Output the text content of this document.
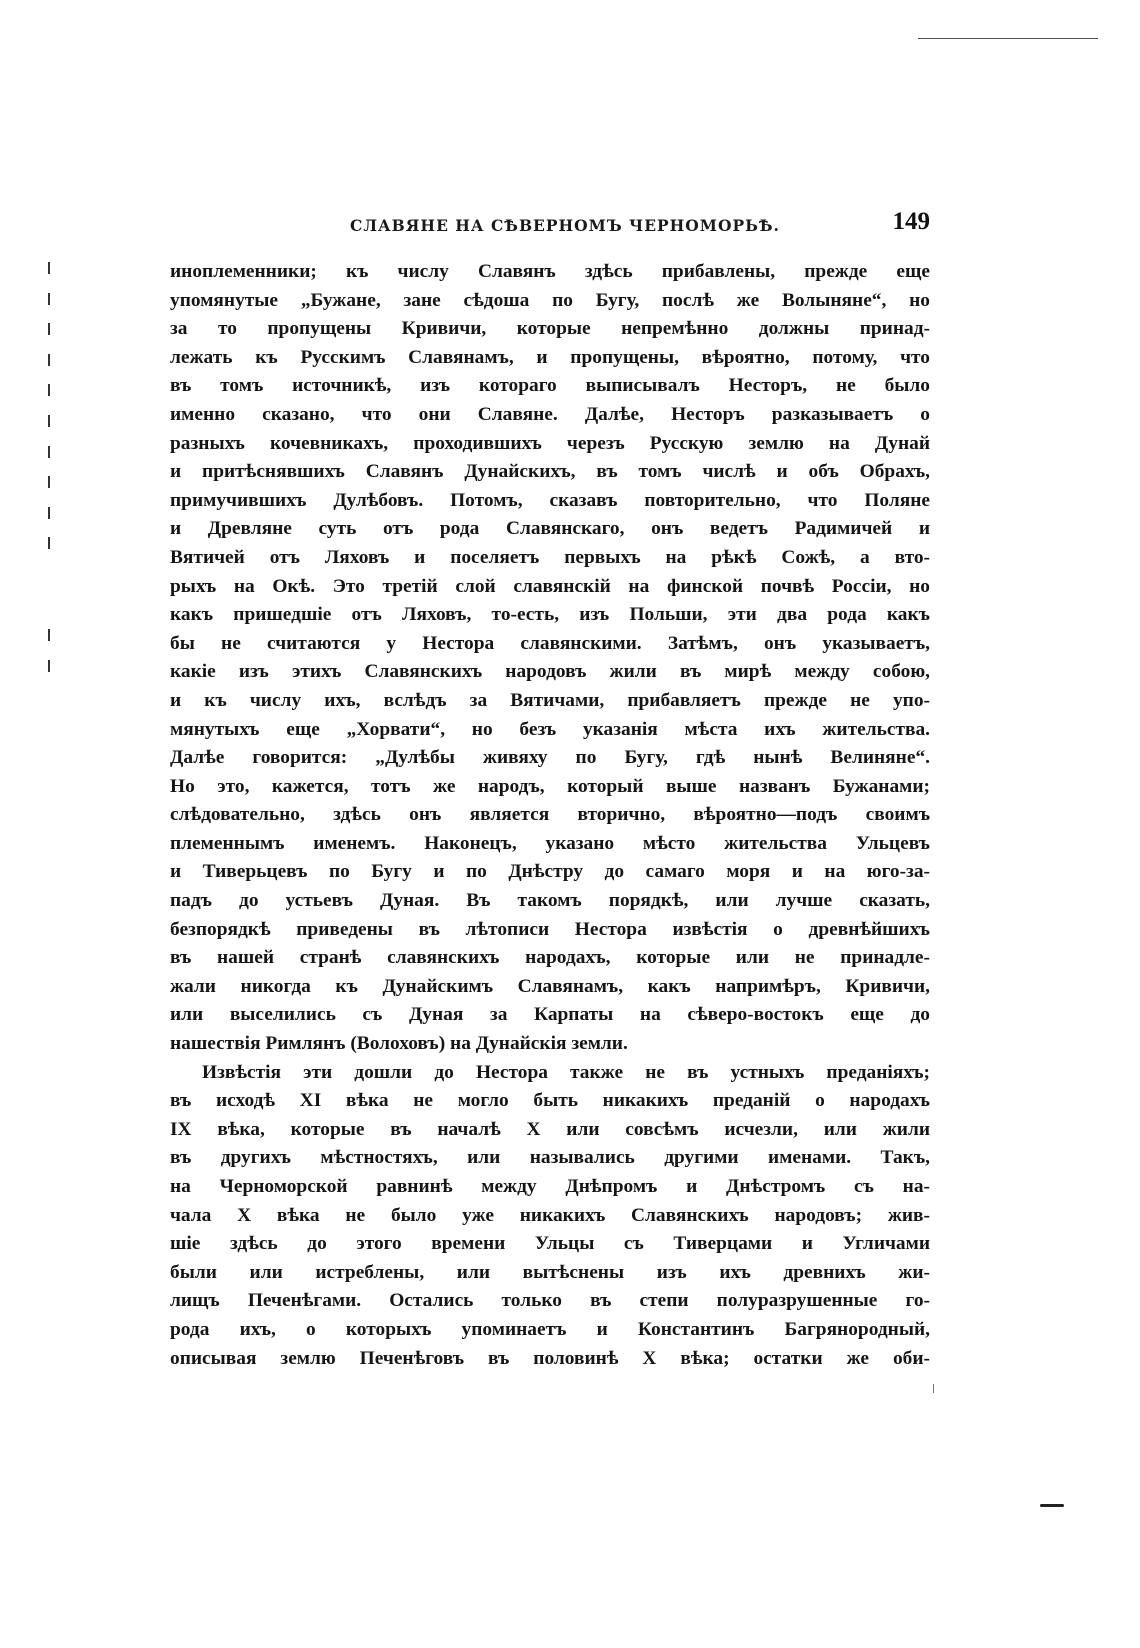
СЛАВЯНЕ НА СѢВЕРНОМЪ ЧЕРНОМОРЬѢ.	149
иноплеменники; къ числу Славянъ здѣсь прибавлены, прежде еще
упомянутые „Бужане, зане сѣдоша по Бугу, послѣ же Волыняне“, но
за то пропущены Кривичи, которые непремѣнно должны принад-
лежать къ Русскимъ Славянамъ, и пропущены, вѣроятно, потому, что
въ томъ источникѣ, изъ котораго выписывалъ Несторъ, не было
именно сказано, что они Славяне. Далѣе, Несторъ разказываетъ о
разныхъ кочевникахъ, проходившихъ черезъ Русскую землю на Дунай
и притѣснявшихъ Славянъ Дунайскихъ, въ томъ числѣ и объ Обрахъ,
примучившихъ Дулѣбовъ. Потомъ, сказавъ повторительно, что Поляне
и Древляне суть отъ рода Славянскаго, онъ ведетъ Радимичей и
Вятичей отъ Ляховъ и поселяетъ первыхъ на рѣкѣ Сожѣ, а вто-
рыхъ на Окѣ. Это третій слой славянскій на финской почвѣ Россіи, но
какъ пришедшіе отъ Ляховъ, то-есть, изъ Польши, эти два рода какъ
бы не считаются у Нестора славянскими. Затѣмъ, онъ указываетъ,
какіе изъ этихъ Славянскихъ народовъ жили въ мирѣ между собою,
и къ числу ихъ, вслѣдъ за Вятичами, прибавляетъ прежде не упо-
мянутыхъ еще „Хорвати“, но безъ указанія мѣста ихъ жительства.
Далѣе говорится: „Дулѣбы живяху по Бугу, гдѣ нынѣ Велиняне“.
Но это, кажется, тотъ же народъ, который выше названъ Бужанами;
слѣдовательно, здѣсь онъ является вторично, вѣроятно—подъ своимъ
племеннымъ именемъ. Наконецъ, указано мѣсто жительства Ульцевъ
и Тиверьцевъ по Бугу и по Днѣстру до самаго моря и на юго-за-
падъ до устьевъ Дуная. Въ такомъ порядкѣ, или лучше сказать,
безпорядкѣ приведены въ лѣтописи Нестора извѣстія о древнѣйшихъ
въ нашей странѣ славянскихъ народахъ, которые или не принадле-
жали никогда къ Дунайскимъ Славянамъ, какъ напримѣръ, Кривичи,
или выселились съ Дуная за Карпаты на сѣверо-востокъ еще до
нашествія Римлянъ (Волоховъ) на Дунайскія земли.
Извѣстія эти дошли до Нестора также не въ устныхъ преданіяхъ;
въ исходѣ XI вѣка не могло быть никакихъ преданій о народахъ
IX вѣка, которые въ началѣ X или совсѣмъ исчезли, или жили
въ другихъ мѣстностяхъ, или назывались другими именами. Такъ,
на Черноморской равнинѣ между Днѣпромъ и Днѣстромъ съ на-
чала X вѣка не было уже никакихъ Славянскихъ народовъ; жив-
шіе здѣсь до этого времени Ульцы съ Тиверцами и Угличами
были или истреблены, или вытѣснены изъ ихъ древнихъ жи-
лищъ Печенѣгами. Остались только въ степи полуразрушенные го-
рода ихъ, о которыхъ упоминаетъ и Константинъ Багрянородный,
описывая землю Печенѣговъ въ половинѣ X вѣка; остатки же оби-
